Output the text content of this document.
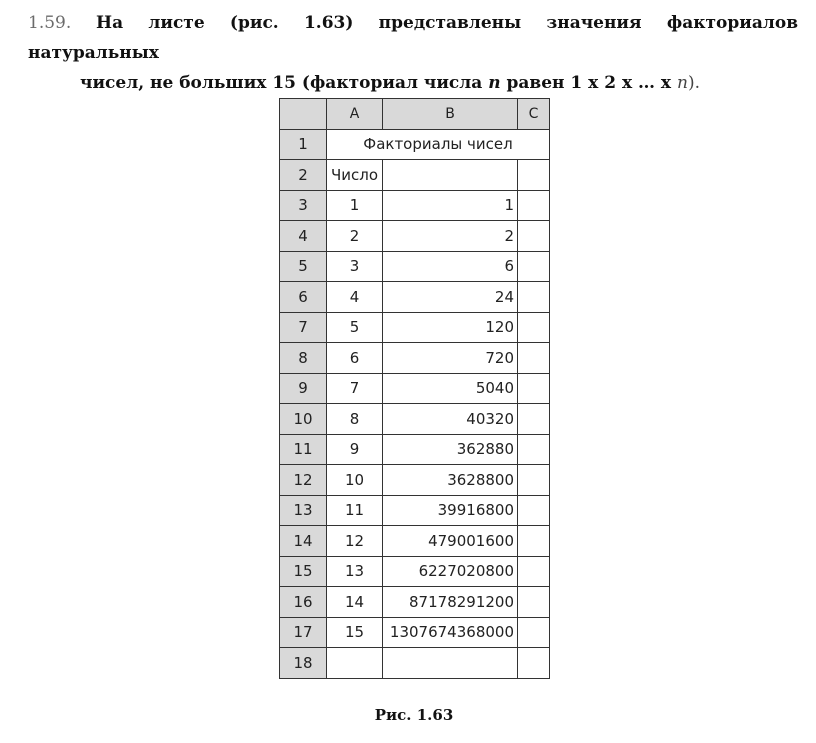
1.59. На листе (рис. 1.63) представлены значения факториалов натуральных
чисел, не больших 15 (факториал числа n равен 1 x 2 x … x n).
	A	B	C
1	Факториалы чисел		
2	Число		
3	1	1	
4	2	2	
5	3	6	
6	4	24	
7	5	120	
8	6	720	
9	7	5040	
10	8	40320	
11	9	362880	
12	10	3628800	
13	11	39916800	
14	12	479001600	
15	13	6227020800	
16	14	87178291200	
17	15	1307674368000	
18			
Рис. 1.63
